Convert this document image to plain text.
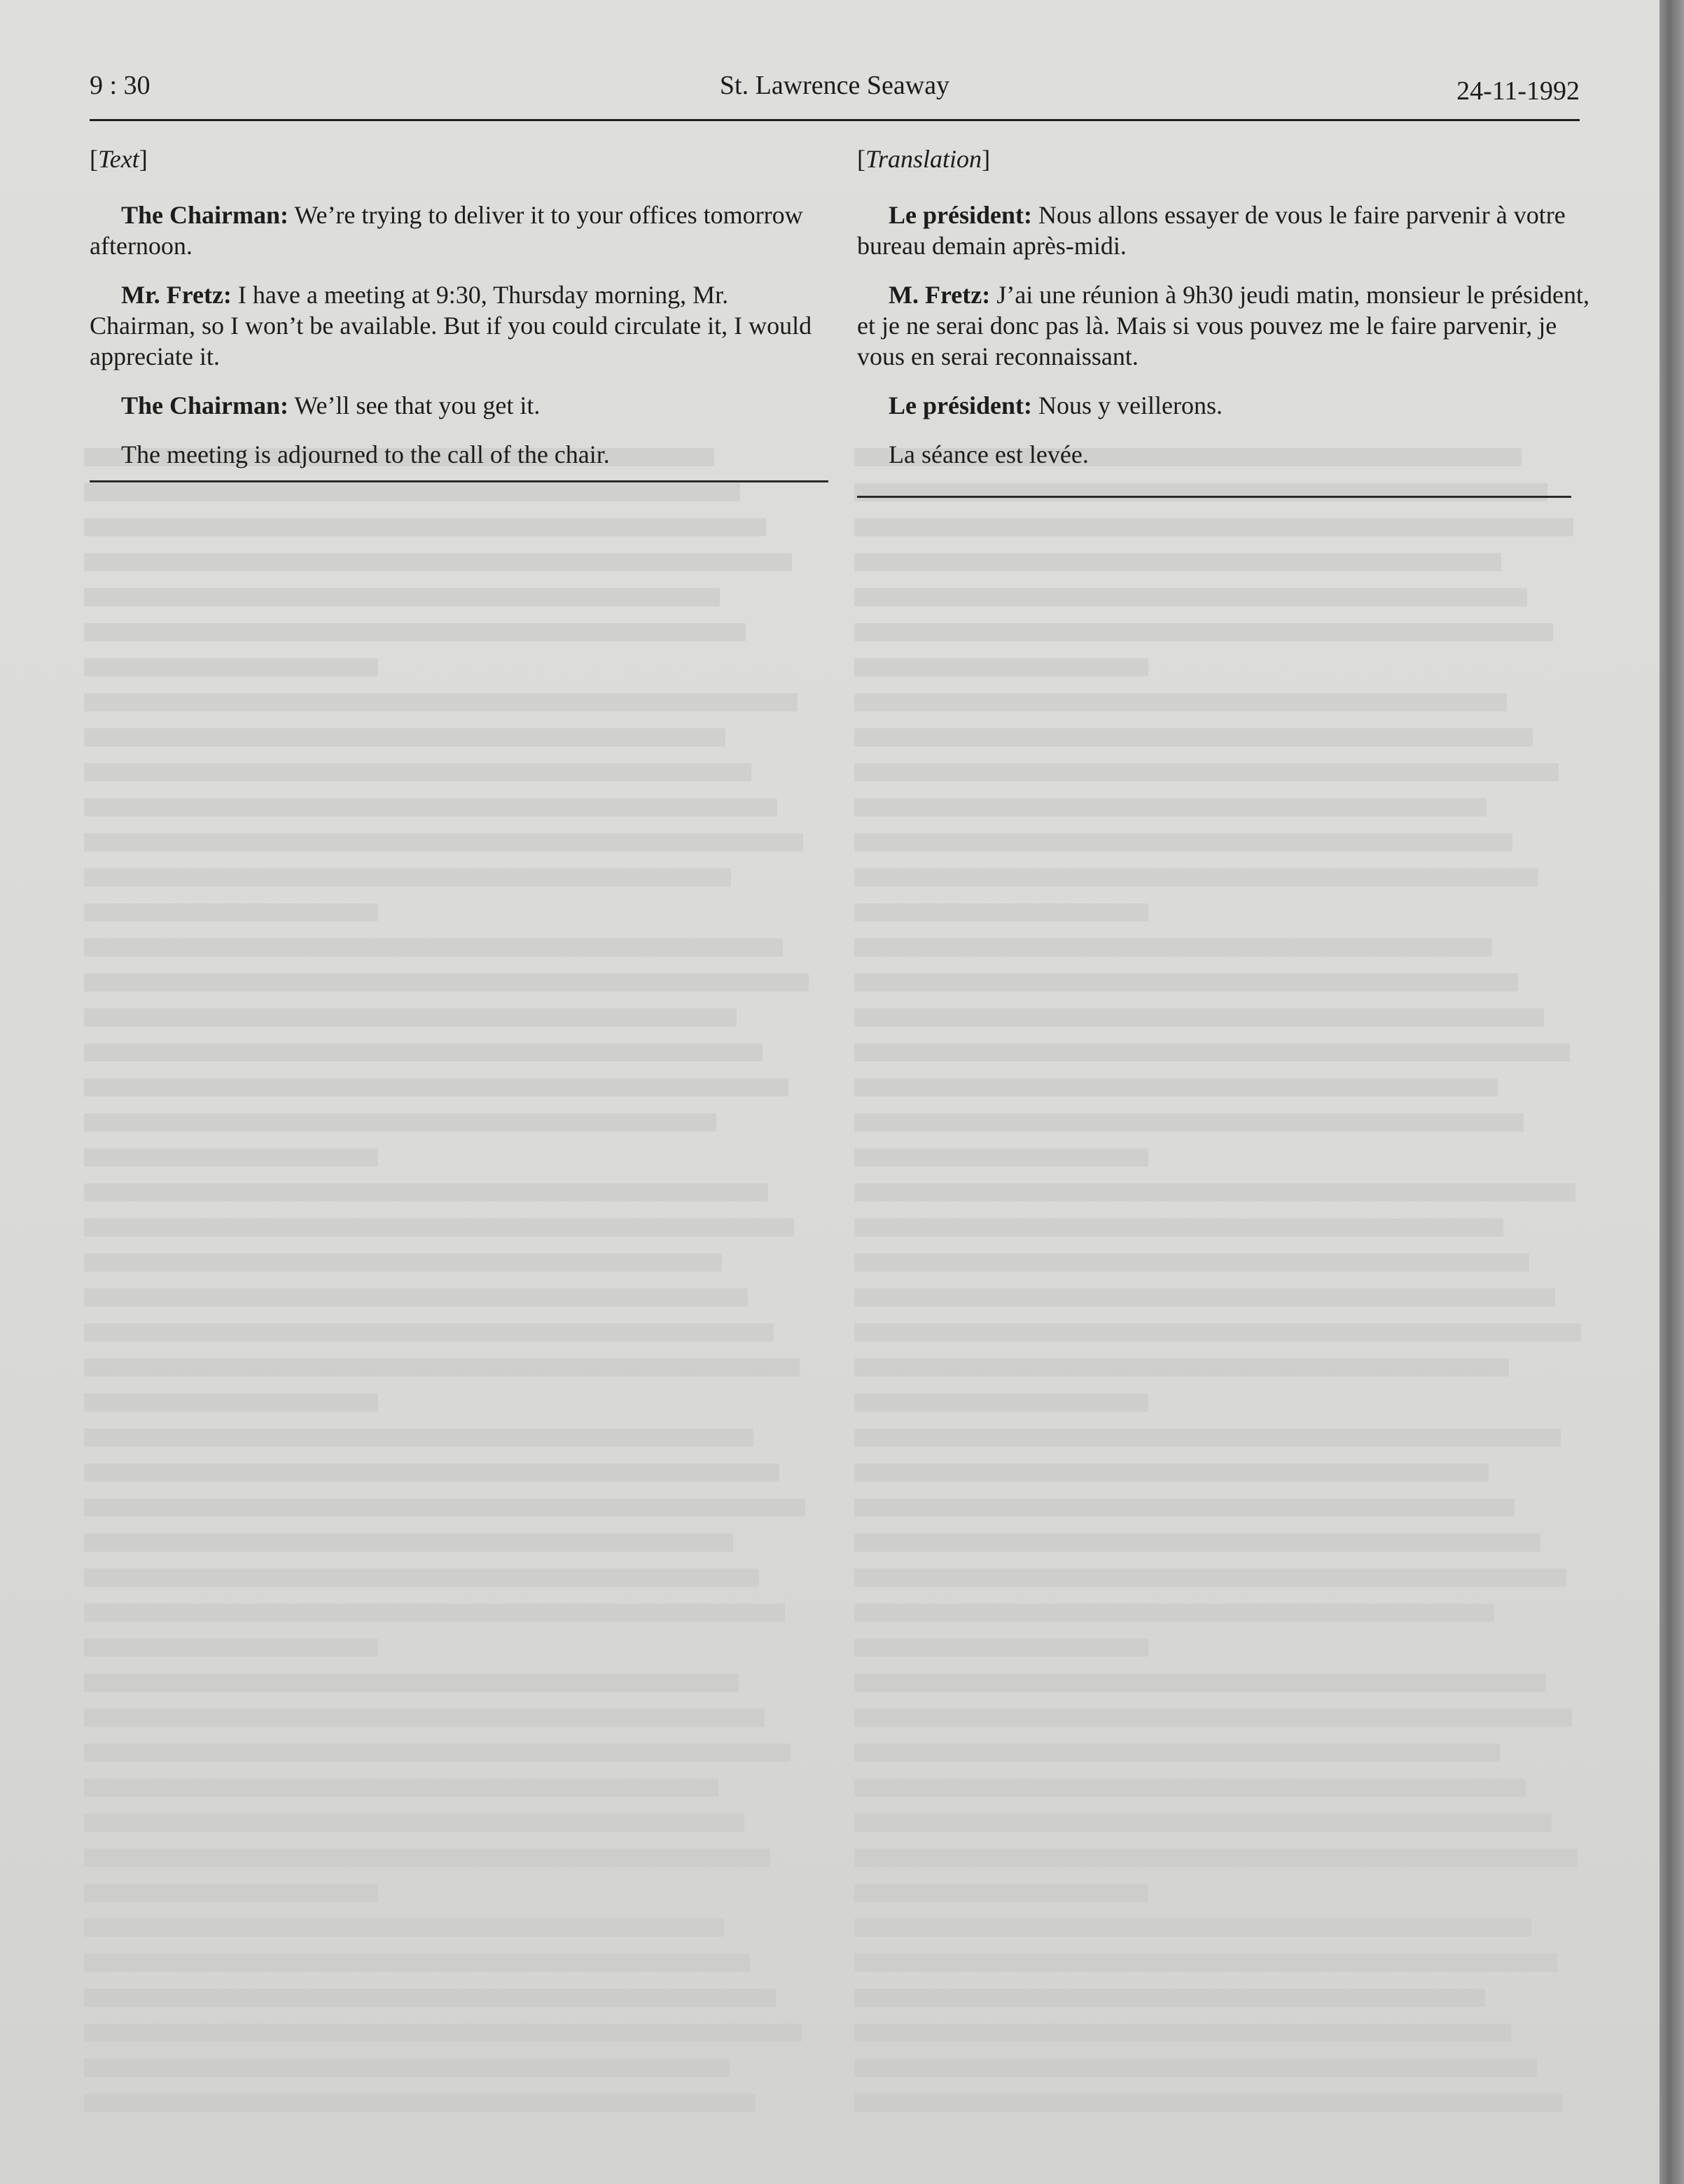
9 : 30	St. Lawrence Seaway	24-11-1992
[Text]

The Chairman: We’re trying to deliver it to your offices tomorrow afternoon.

Mr. Fretz: I have a meeting at 9:30, Thursday morning, Mr. Chairman, so I won’t be available. But if you could circulate it, I would appreciate it.

The Chairman: We’ll see that you get it.

The meeting is adjourned to the call of the chair.

[Translation]

Le président: Nous allons essayer de vous le faire parvenir à votre bureau demain après-midi.

M. Fretz: J’ai une réunion à 9h30 jeudi matin, monsieur le président, et je ne serai donc pas là. Mais si vous pouvez me le faire parvenir, je vous en serai reconnaissant.

Le président: Nous y veillerons.

La séance est levée.
